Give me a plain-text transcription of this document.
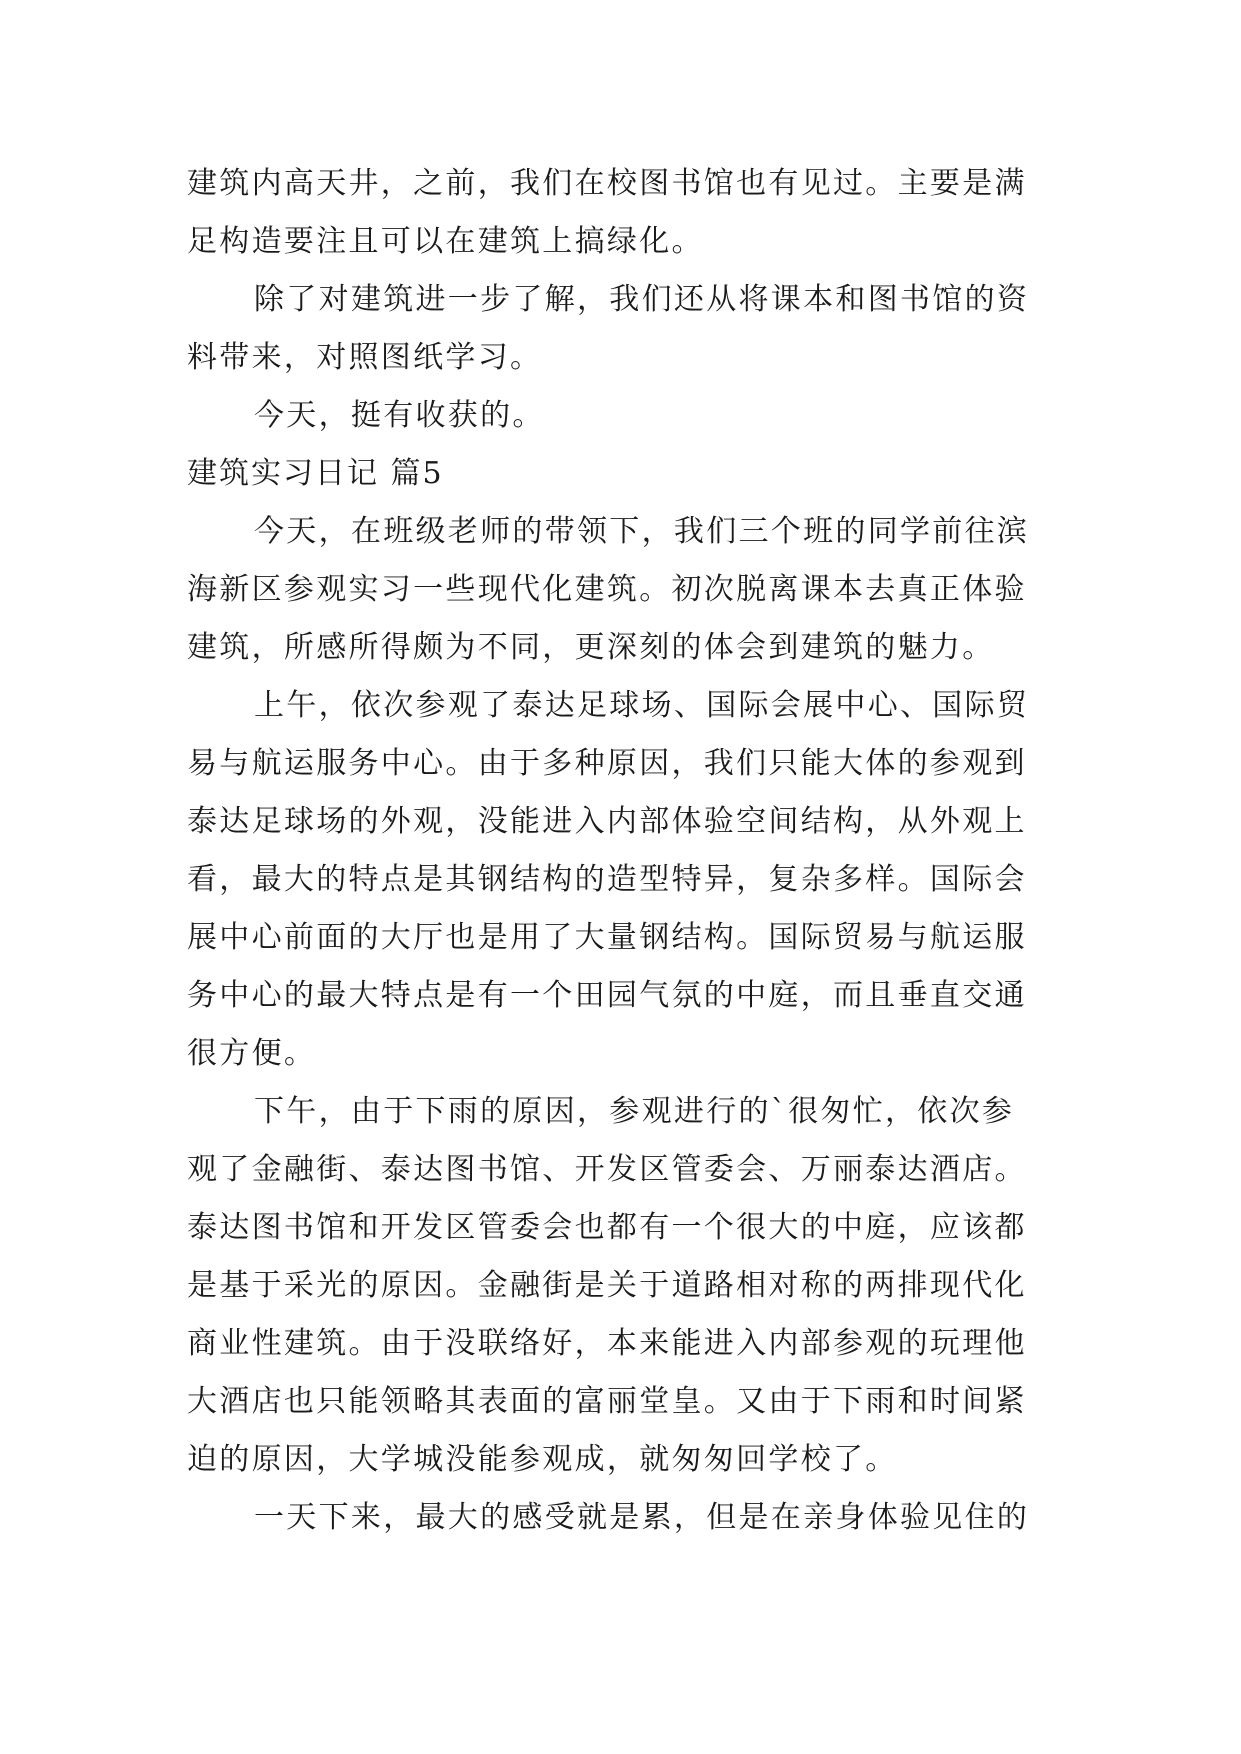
建筑内高天井，之前，我们在校图书馆也有见过。主要是满
足构造要注且可以在建筑上搞绿化。
除了对建筑进一步了解，我们还从将课本和图书馆的资
料带来，对照图纸学习。
今天，挺有收获的。
建筑实习日记 篇5
今天，在班级老师的带领下，我们三个班的同学前往滨
海新区参观实习一些现代化建筑。初次脱离课本去真正体验
建筑，所感所得颇为不同，更深刻的体会到建筑的魅力。
上午，依次参观了泰达足球场、国际会展中心、国际贸
易与航运服务中心。由于多种原因，我们只能大体的参观到
泰达足球场的外观，没能进入内部体验空间结构，从外观上
看，最大的特点是其钢结构的造型特异，复杂多样。国际会
展中心前面的大厅也是用了大量钢结构。国际贸易与航运服
务中心的最大特点是有一个田园气氛的中庭，而且垂直交通
很方便。
下午，由于下雨的原因，参观进行的`很匆忙，依次参
观了金融街、泰达图书馆、开发区管委会、万丽泰达酒店。
泰达图书馆和开发区管委会也都有一个很大的中庭，应该都
是基于采光的原因。金融街是关于道路相对称的两排现代化
商业性建筑。由于没联络好，本来能进入内部参观的玩理他
大酒店也只能领略其表面的富丽堂皇。又由于下雨和时间紧
迫的原因，大学城没能参观成，就匆匆回学校了。
一天下来，最大的感受就是累，但是在亲身体验见住的
